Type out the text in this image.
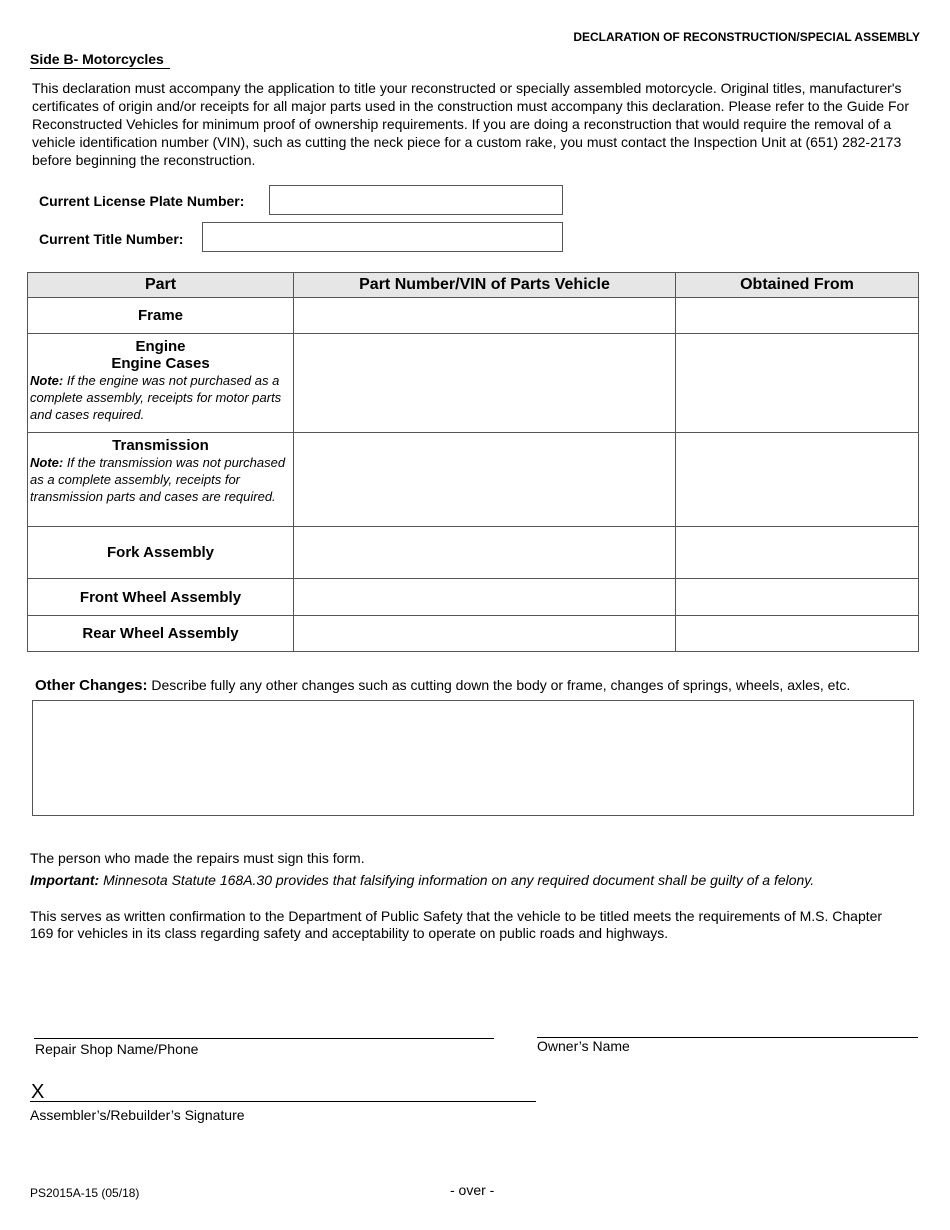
DECLARATION OF RECONSTRUCTION/SPECIAL ASSEMBLY
Side B- Motorcycles
This declaration must accompany the application to title your reconstructed or specially assembled motorcycle. Original titles, manufacturer's certificates of origin and/or receipts for all major parts used in the construction must accompany this declaration. Please refer to the Guide For Reconstructed Vehicles for minimum proof of ownership requirements. If you are doing a reconstruction that would require the removal of a vehicle identification number (VIN), such as cutting the neck piece for a custom rake, you must contact the Inspection Unit at (651) 282-2173 before beginning the reconstruction.
Current License Plate Number:
Current Title Number:
Part	Part Number/VIN of Parts Vehicle	Obtained From
Frame		

Engine
Engine Cases
Note: If the engine was not purchased as a complete assembly, receipts for motor parts and cases required.		

Transmission
Note: If the transmission was not purchased as a complete assembly, receipts for transmission parts and cases are required.		

Fork Assembly		
Front Wheel Assembly		
Rear Wheel Assembly		
Other Changes: Describe fully any other changes such as cutting down the body or frame, changes of springs, wheels, axles, etc.
The person who made the repairs must sign this form.
Important: Minnesota Statute 168A.30 provides that falsifying information on any required document shall be guilty of a felony.
This serves as written confirmation to the Department of Public Safety that the vehicle to be titled meets the requirements of M.S. Chapter 169 for vehicles in its class regarding safety and acceptability to operate on public roads and highways.
Repair Shop Name/Phone	Owner’s Name
X
Assembler’s/Rebuilder’s Signature
PS2015A-15 (05/18)	- over -
